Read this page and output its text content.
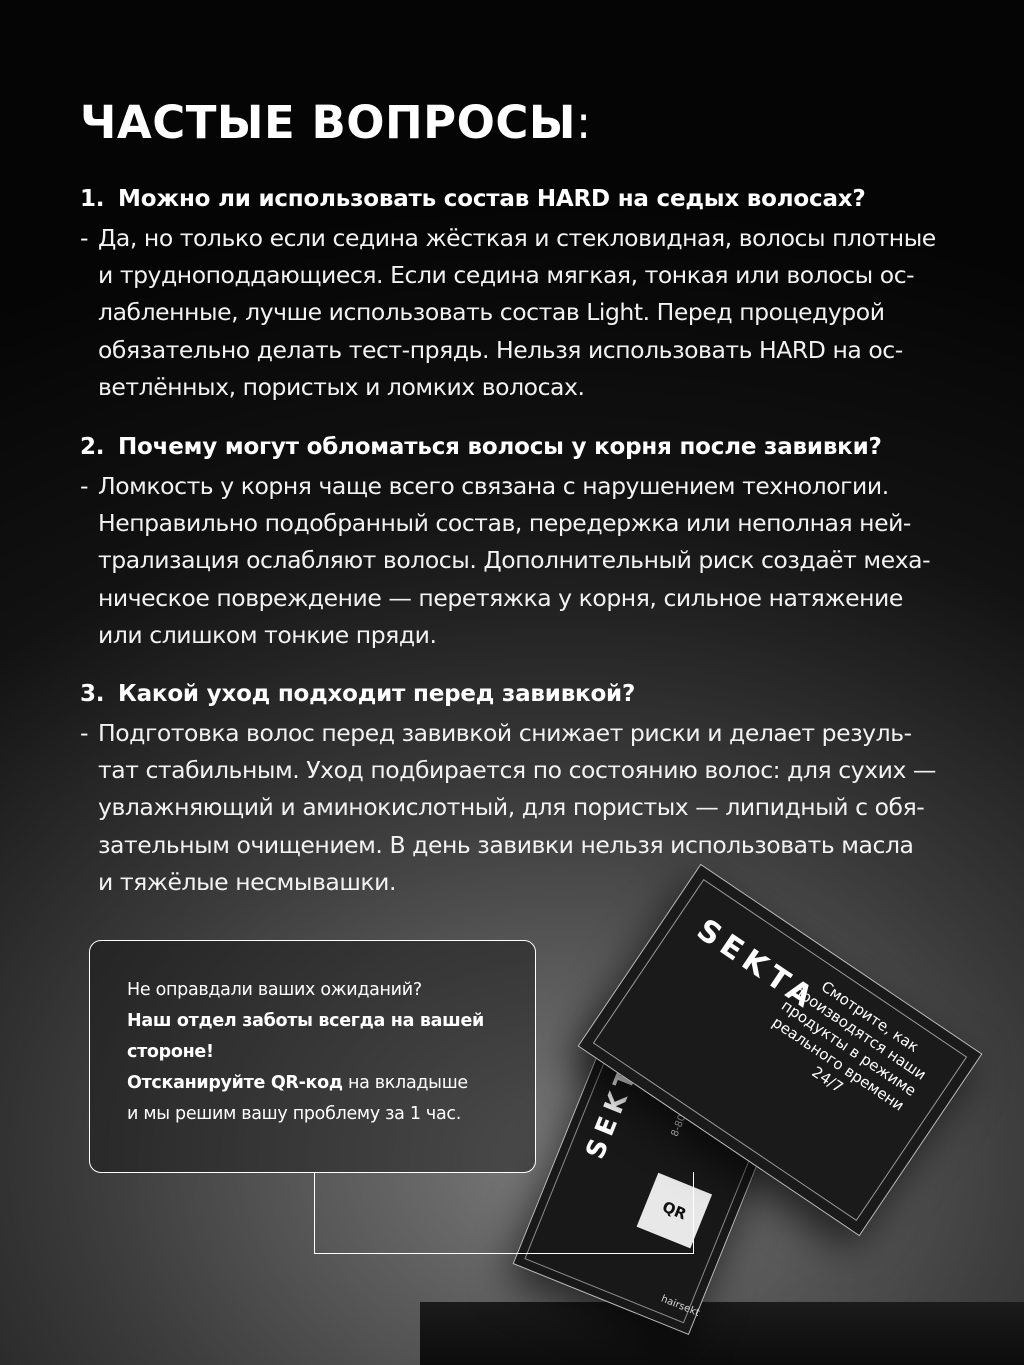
ЧАСТЫЕ ВОПРОСЫ:
1. Можно ли использовать состав HARD на седых волосах?
- Да, но только если седина жёсткая и стекловидная, волосы плотные
и трудноподдающиеся. Если седина мягкая, тонкая или волосы ос-
лабленные, лучше использовать состав Light. Перед процедурой
обязательно делать тест-прядь. Нельзя использовать HARD на ос-
ветлённых, пористых и ломких волосах.
2. Почему могут обломаться волосы у корня после завивки?
- Ломкость у корня чаще всего связана с нарушением технологии.
Неправильно подобранный состав, передержка или неполная ней-
трализация ослабляют волосы. Дополнительный риск создаёт меха-
ническое повреждение — перетяжка у корня, сильное натяжение
или слишком тонкие пряди.
3. Какой уход подходит перед завивкой?
- Подготовка волос перед завивкой снижает риски и делает резуль-
тат стабильным. Уход подбирается по состоянию волос: для сухих —
увлажняющий и аминокислотный, для пористых — липидный с обя-
зательным очищением. В день завивки нельзя использовать масла
и тяжёлые несмывашки.
SEKTA
QR
hairsekt
SEKTA
Смотрите, как производятся наши продукты в режиме реального времени 24/7
Не оправдали ваших ожиданий?
Наш отдел заботы всегда на вашей
стороне!
Отсканируйте QR-код на вкладыше
и мы решим вашу проблему за 1 час.
